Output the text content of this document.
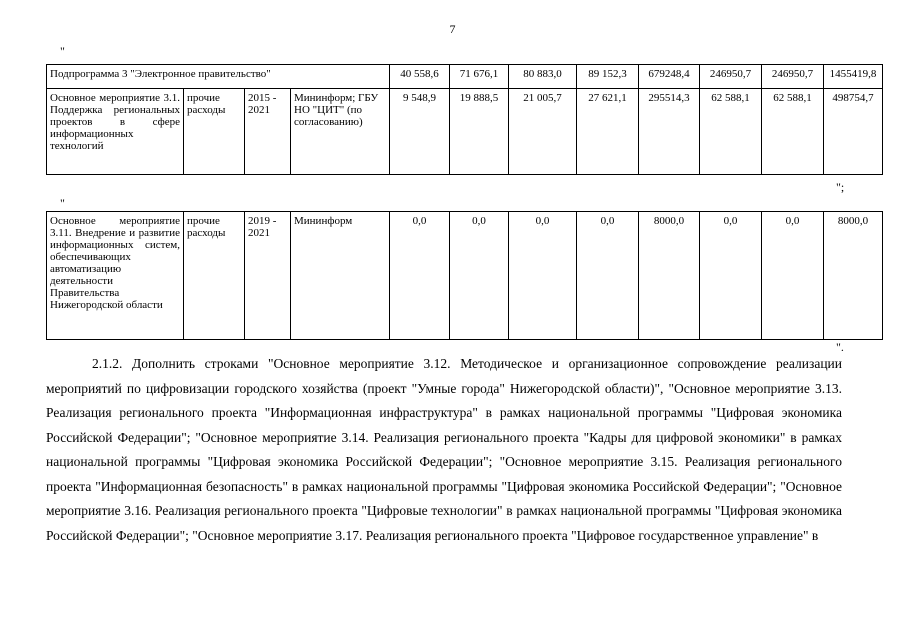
7
"
Подпрограмма 3 "Электронное правительство"				40 558,6	71 676,1	80 883,0	89 152,3	679248,4	246950,7	246950,7	1455419,8
Основное мероприятие 3.1. Поддержка региональных проектов в сфере информационных технологий	прочие расходы	2015 - 2021	Мининформ; ГБУ НО "ЦИТ" (по согласованию)	9 548,9	19 888,5	21 005,7	27 621,1	295514,3	62 588,1	62 588,1	498754,7
";
"
Основное мероприятие 3.11. Внедрение и развитие информационных систем, обеспечивающих автоматизацию деятельности Правительства Нижегородской области	прочие расходы	2019 - 2021	Мининформ	0,0	0,0	0,0	0,0	8000,0	0,0	0,0	8000,0
".

2.1.2. Дополнить строками "Основное мероприятие 3.12. Методическое и организационное сопровождение реализации мероприятий по цифровизации городского хозяйства (проект "Умные города" Нижегородской области)", "Основное мероприятие 3.13. Реализация регионального проекта "Информационная инфраструктура" в рамках национальной программы "Цифровая экономика Российской Федерации"; "Основное мероприятие 3.14. Реализация регионального проекта "Кадры для цифровой экономики" в рамках национальной программы "Цифровая экономика Российской Федерации"; "Основное мероприятие 3.15. Реализация регионального проекта "Информационная безопасность" в рамках национальной программы "Цифровая экономика Российской Федерации"; "Основное мероприятие 3.16. Реализация регионального проекта "Цифровые технологии" в рамках национальной программы "Цифровая экономика Российской Федерации"; "Основное мероприятие 3.17. Реализация регионального проекта "Цифровое государственное управление" в
